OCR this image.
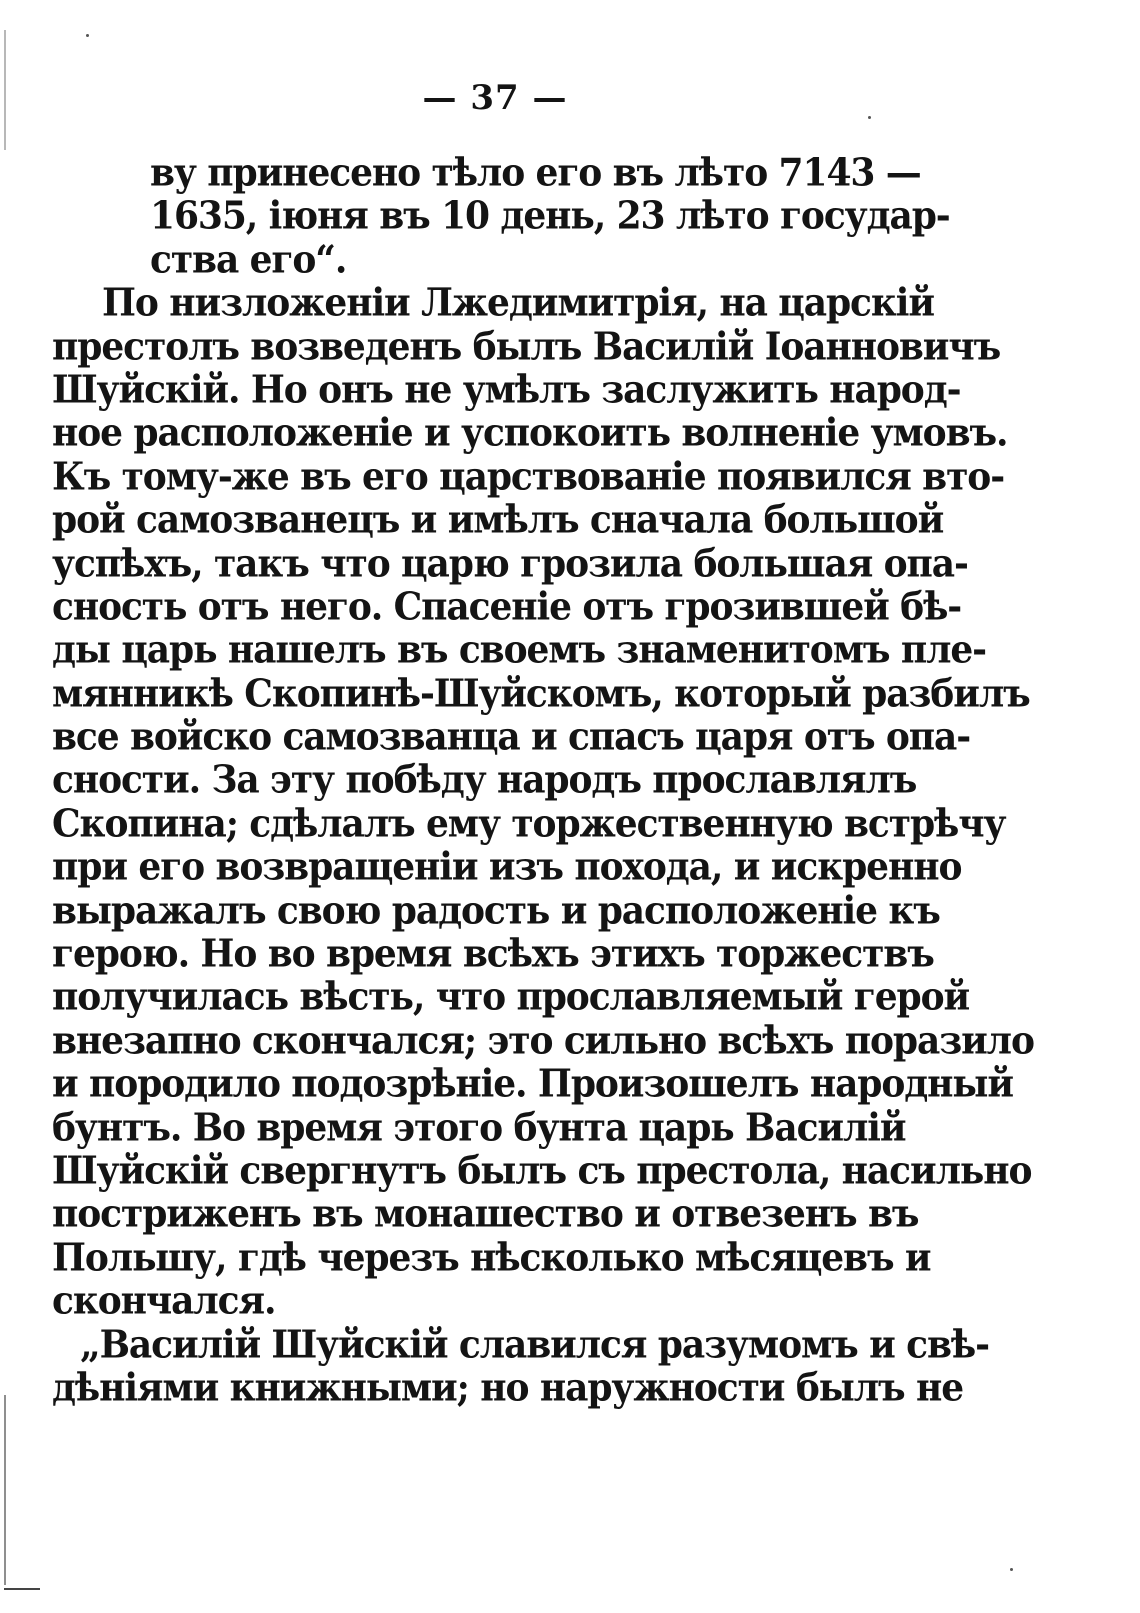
— 37 —
ву принесено тѣло его въ лѣто 7143 —
1635, іюня въ 10 день, 23 лѣто государ-
ства его“.
По низложеніи Лжедимитрія, на царскій
престолъ возведенъ былъ Василій Іоанновичъ
Шуйскій. Но онъ не умѣлъ заслужить народ-
ное расположеніе и успокоить волненіе умовъ.
Къ тому-же въ его царствованіе появился вто-
рой самозванецъ и имѣлъ сначала большой
успѣхъ, такъ что царю грозила большая опа-
сность отъ него. Спасеніе отъ грозившей бѣ-
ды царь нашелъ въ своемъ знаменитомъ пле-
мянникѣ Скопинѣ-Шуйскомъ, который разбилъ
все войско самозванца и спасъ царя отъ опа-
сности. За эту побѣду народъ прославлялъ
Скопина; сдѣлалъ ему торжественную встрѣчу
при его возвращеніи изъ похода, и искренно
выражалъ свою радость и расположеніе къ
герою. Но во время всѣхъ этихъ торжествъ
получилась вѣсть, что прославляемый герой
внезапно скончался; это сильно всѣхъ поразило
и породило подозрѣніе. Произошелъ народный
бунтъ. Во время этого бунта царь Василій
Шуйскій свергнутъ былъ съ престола, насильно
постриженъ въ монашество и отвезенъ въ
Польшу, гдѣ черезъ нѣсколько мѣсяцевъ и
скончался.
„Василій Шуйскій славился разумомъ и свѣ-
дѣніями книжными; но наружности былъ не
